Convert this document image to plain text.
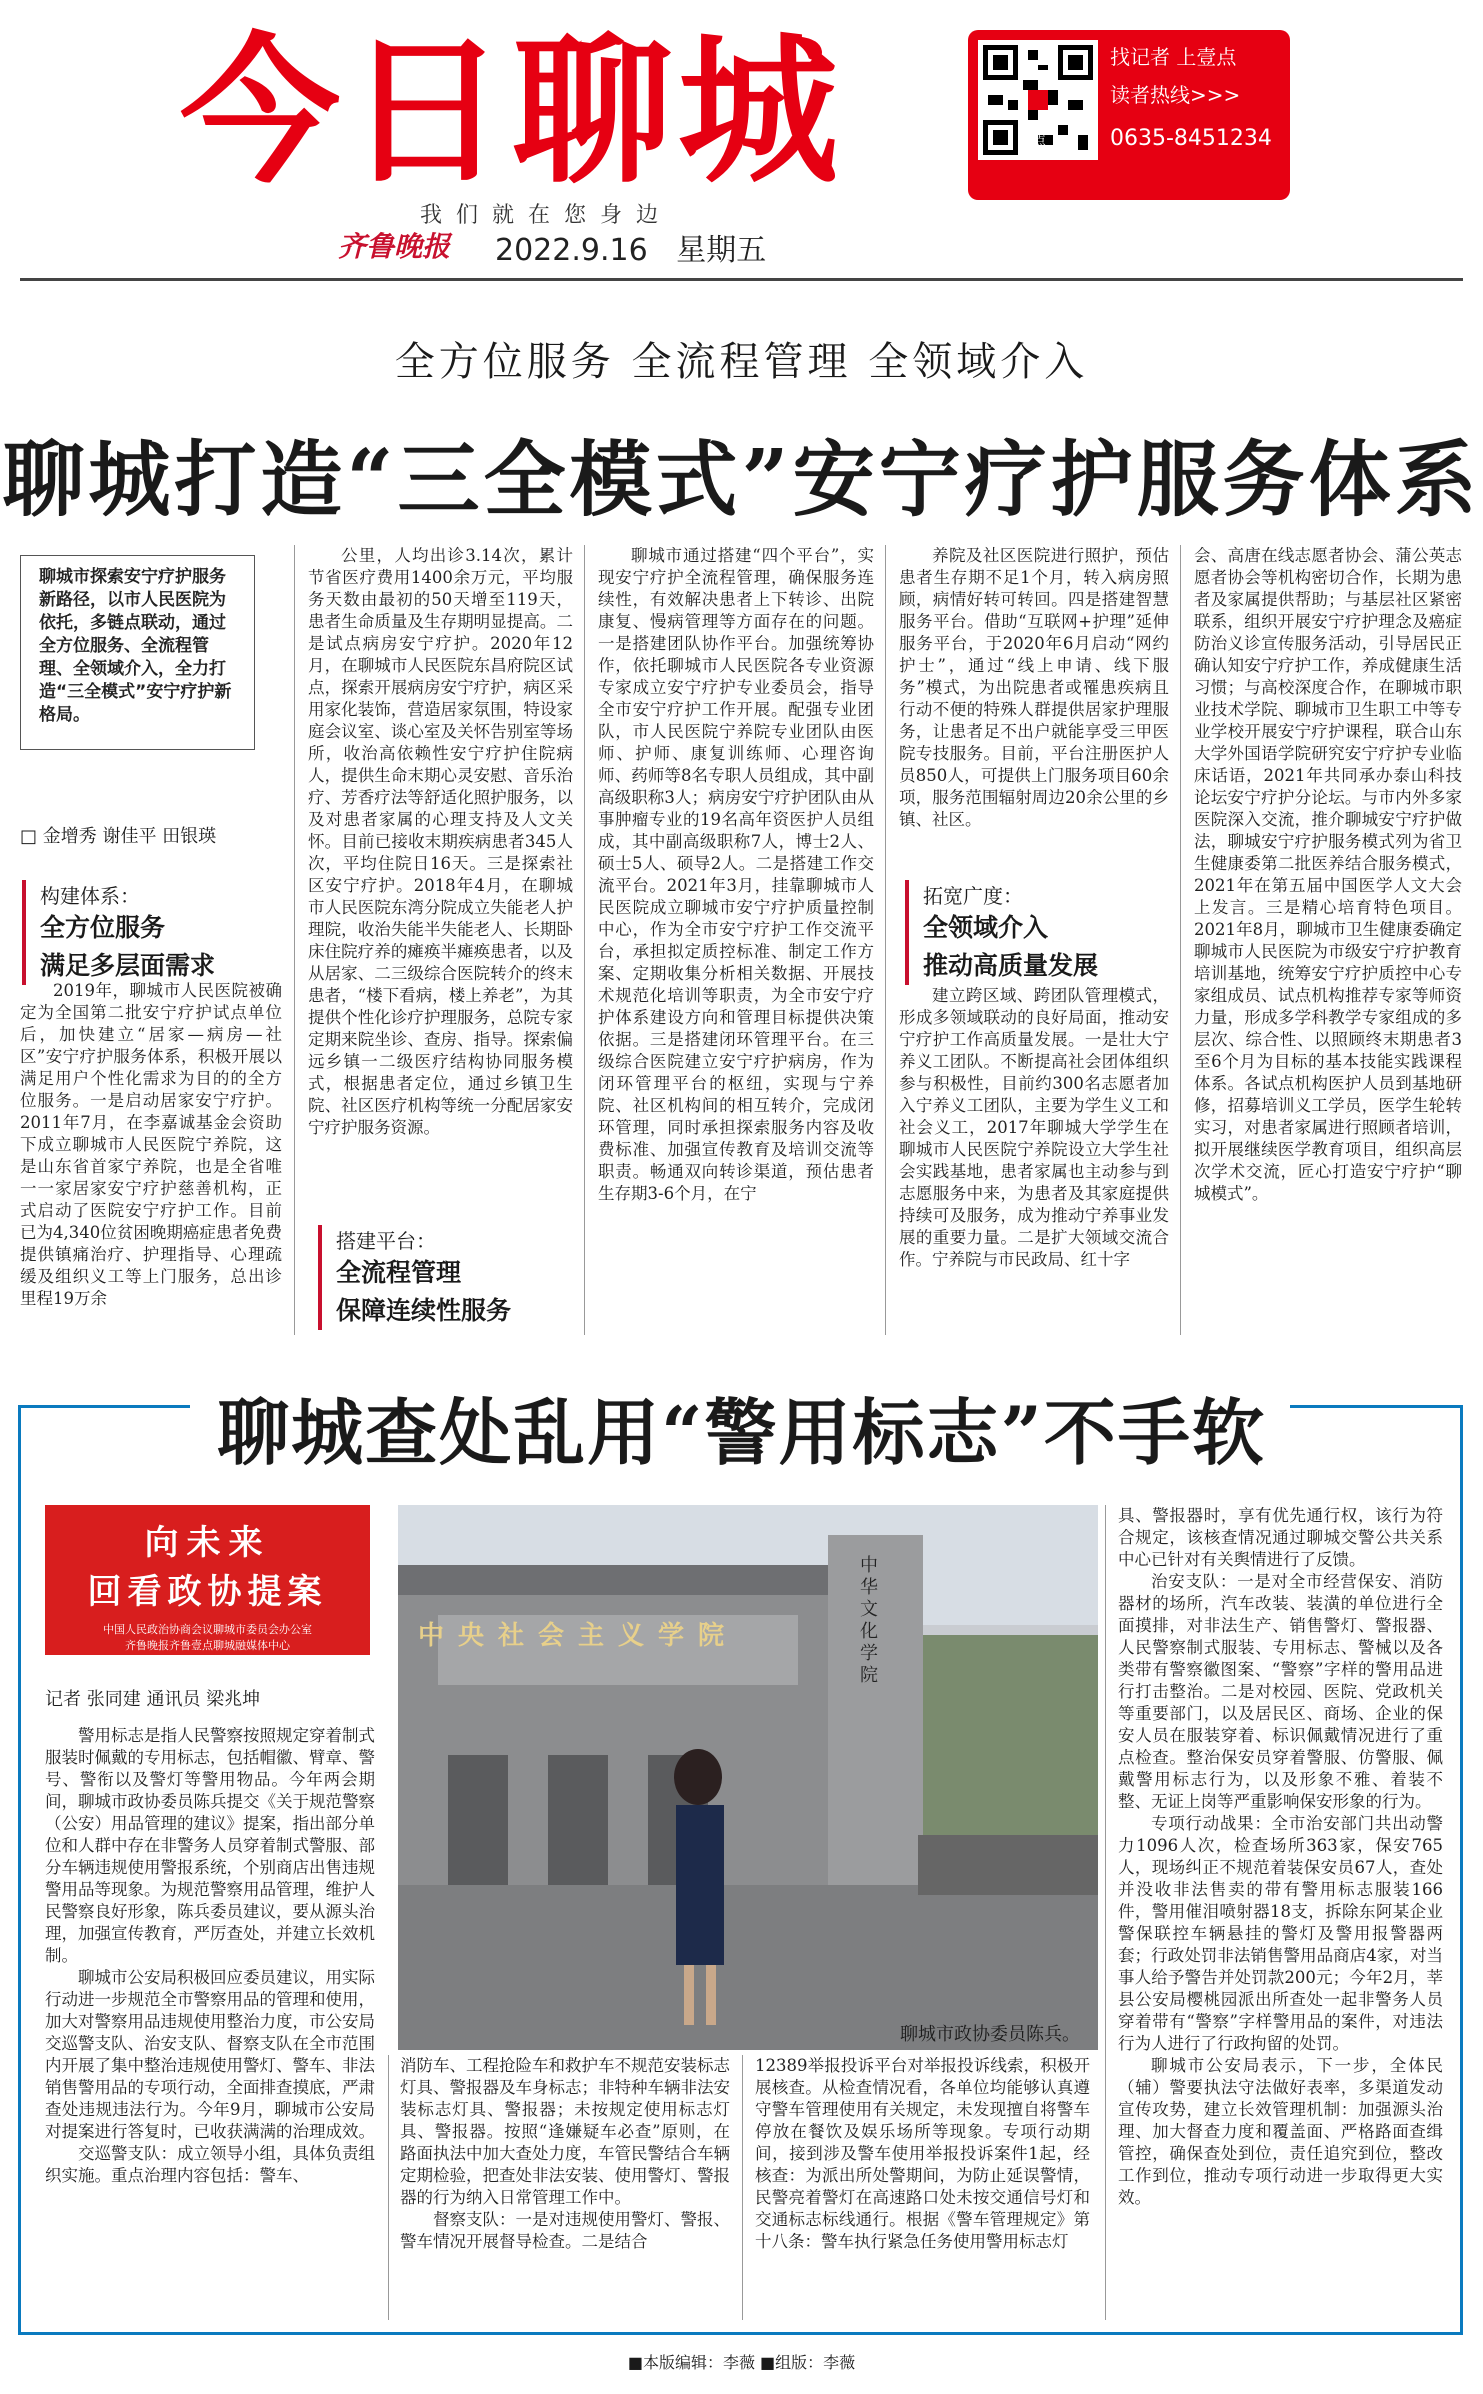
今日聊城
我们就在您身边
齐鲁晚报 2022.9.16 星期五
壹点
找记者 上壹点
读者热线>>>
0635-8451234
全方位服务 全流程管理 全领域介入
聊城打造“三全模式”安宁疗护服务体系
聊城市探索安宁疗护服务新路径，以市人民医院为依托，多链点联动，通过全方位服务、全流程管理、全领域介入，全力打造“三全模式”安宁疗护新格局。
□ 金增秀 谢佳平 田银瑛
构建体系：
全方位服务
满足多层面需求

2019年，聊城市人民医院被确定为全国第二批安宁疗护试点单位后，加快建立“居家—病房—社区”安宁疗护服务体系，积极开展以满足用户个性化需求为目的的全方位服务。一是启动居家安宁疗护。2011年7月，在李嘉诚基金会资助下成立聊城市人民医院宁养院，这是山东省首家宁养院，也是全省唯一一家居家安宁疗护慈善机构，正式启动了医院安宁疗护工作。目前已为4,340位贫困晚期癌症患者免费提供镇痛治疗、护理指导、心理疏缓及组织义工等上门服务，总出诊里程19万余

公里，人均出诊3.14次，累计节省医疗费用1400余万元，平均服务天数由最初的50天增至119天，患者生命质量及生存期明显提高。二是试点病房安宁疗护。2020年12月，在聊城市人民医院东昌府院区试点，探索开展病房安宁疗护，病区采用家化装饰，营造居家氛围，特设家庭会议室、谈心室及关怀告别室等场所，收治高依赖性安宁疗护住院病人，提供生命末期心灵安慰、音乐治疗、芳香疗法等舒适化照护服务，以及对患者家属的心理支持及人文关怀。目前已接收末期疾病患者345人次，平均住院日16天。三是探索社区安宁疗护。2018年4月，在聊城市人民医院东湾分院成立失能老人护理院，收治失能半失能老人、长期卧床住院疗养的瘫痪半瘫痪患者，以及从居家、二三级综合医院转介的终末患者，“楼下看病，楼上养老”，为其提供个性化诊疗护理服务，总院专家定期来院坐诊、查房、指导。探索偏远乡镇一二级医疗结构协同服务模式，根据患者定位，通过乡镇卫生院、社区医疗机构等统一分配居家安宁疗护服务资源。

搭建平台：
全流程管理
保障连续性服务

聊城市通过搭建“四个平台”，实现安宁疗护全流程管理，确保服务连续性，有效解决患者上下转诊、出院康复、慢病管理等方面存在的问题。一是搭建团队协作平台。加强统筹协作，依托聊城市人民医院各专业资源专家成立安宁疗护专业委员会，指导全市安宁疗护工作开展。配强专业团队，市人民医院宁养院专业团队由医师、护师、康复训练师、心理咨询师、药师等8名专职人员组成，其中副高级职称3人；病房安宁疗护团队由从事肿瘤专业的19名高年资医护人员组成，其中副高级职称7人，博士2人、硕士5人、硕导2人。二是搭建工作交流平台。2021年3月，挂靠聊城市人民医院成立聊城市安宁疗护质量控制中心，作为全市安宁疗护工作交流平台，承担拟定质控标准、制定工作方案、定期收集分析相关数据、开展技术规范化培训等职责，为全市安宁疗护体系建设方向和管理目标提供决策依据。三是搭建闭环管理平台。在三级综合医院建立安宁疗护病房，作为闭环管理平台的枢纽，实现与宁养院、社区机构间的相互转介，完成闭环管理，同时承担探索服务内容及收费标准、加强宣传教育及培训交流等职责。畅通双向转诊渠道，预估患者生存期3-6个月，在宁

养院及社区医院进行照护，预估患者生存期不足1个月，转入病房照顾，病情好转可转回。四是搭建智慧服务平台。借助“互联网+护理”延伸服务平台，于2020年6月启动“网约护士”，通过“线上申请、线下服务”模式，为出院患者或罹患疾病且行动不便的特殊人群提供居家护理服务，让患者足不出户就能享受三甲医院专技服务。目前，平台注册医护人员850人，可提供上门服务项目60余项，服务范围辐射周边20余公里的乡镇、社区。

拓宽广度：
全领域介入
推动高质量发展

建立跨区域、跨团队管理模式，形成多领域联动的良好局面，推动安宁疗护工作高质量发展。一是壮大宁养义工团队。不断提高社会团体组织参与积极性，目前约300名志愿者加入宁养义工团队，主要为学生义工和社会义工，2017年聊城大学学生在聊城市人民医院宁养院设立大学生社会实践基地，患者家属也主动参与到志愿服务中来，为患者及其家庭提供持续可及服务，成为推动宁养事业发展的重要力量。二是扩大领域交流合作。宁养院与市民政局、红十字

会、高唐在线志愿者协会、蒲公英志愿者协会等机构密切合作，长期为患者及家属提供帮助；与基层社区紧密联系，组织开展安宁疗护理念及癌症防治义诊宣传服务活动，引导居民正确认知安宁疗护工作，养成健康生活习惯；与高校深度合作，在聊城市职业技术学院、聊城市卫生职工中等专业学校开展安宁疗护课程，联合山东大学外国语学院研究安宁疗护专业临床话语，2021年共同承办泰山科技论坛安宁疗护分论坛。与市内外多家医院深入交流，推介聊城安宁疗护做法，聊城安宁疗护服务模式列为省卫生健康委第二批医养结合服务模式，2021年在第五届中国医学人文大会上发言。三是精心培育特色项目。2021年8月，聊城市卫生健康委确定聊城市人民医院为市级安宁疗护教育培训基地，统筹安宁疗护质控中心专家组成员、试点机构推荐专家等师资力量，形成多学科教学专家组成的多层次、综合性、以照顾终末期患者3至6个月为目标的基本技能实践课程体系。各试点机构医护人员到基地研修，招募培训义工学员，医学生轮转实习，对患者家属进行照顾者培训，拟开展继续医学教育项目，组织高层次学术交流，匠心打造安宁疗护“聊城模式”。

聊城查处乱用“警用标志”不手软
向未来
回看政协提案
中国人民政治协商会议聊城市委员会办公室
齐鲁晚报齐鲁壹点聊城融媒体中心
联合主办
中央社会主义学院
中华文化学院
聊城市政协委员陈兵。
记者 张同建 通讯员 梁兆坤

警用标志是指人民警察按照规定穿着制式服装时佩戴的专用标志，包括帽徽、臂章、警号、警衔以及警灯等警用物品。今年两会期间，聊城市政协委员陈兵提交《关于规范警察（公安）用品管理的建议》提案，指出部分单位和人群中存在非警务人员穿着制式警服、部分车辆违规使用警报系统，个别商店出售违规警用品等现象。为规范警察用品管理，维护人民警察良好形象，陈兵委员建议，要从源头治理，加强宣传教育，严厉查处，并建立长效机制。

聊城市公安局积极回应委员建议，用实际行动进一步规范全市警察用品的管理和使用，加大对警察用品违规使用整治力度，市公安局交巡警支队、治安支队、督察支队在全市范围内开展了集中整治违规使用警灯、警车、非法销售警用品的专项行动，全面排查摸底，严肃查处违规违法行为。今年9月，聊城市公安局对提案进行答复时，已收获满满的治理成效。

交巡警支队：成立领导小组，具体负责组织实施。重点治理内容包括：警车、

消防车、工程抢险车和救护车不规范安装标志灯具、警报器及车身标志；非特种车辆非法安装标志灯具、警报器；未按规定使用标志灯具、警报器。按照“逢嫌疑车必查”原则，在路面执法中加大查处力度，车管民警结合车辆定期检验，把查处非法安装、使用警灯、警报器的行为纳入日常管理工作中。

督察支队：一是对违规使用警灯、警报、警车情况开展督导检查。二是结合

12389举报投诉平台对举报投诉线索，积极开展核查。从检查情况看，各单位均能够认真遵守警车管理使用有关规定，未发现擅自将警车停放在餐饮及娱乐场所等现象。专项行动期间，接到涉及警车使用举报投诉案件1起，经核查：为派出所处警期间，为防止延误警情，民警亮着警灯在高速路口处未按交通信号灯和交通标志标线通行。根据《警车管理规定》第十八条：警车执行紧急任务使用警用标志灯

具、警报器时，享有优先通行权，该行为符合规定，该核查情况通过聊城交警公共关系中心已针对有关舆情进行了反馈。

治安支队：一是对全市经营保安、消防器材的场所，汽车改装、装潢的单位进行全面摸排，对非法生产、销售警灯、警报器、人民警察制式服装、专用标志、警械以及各类带有警察徽图案、“警察”字样的警用品进行打击整治。二是对校园、医院、党政机关等重要部门，以及居民区、商场、企业的保安人员在服装穿着、标识佩戴情况进行了重点检查。整治保安员穿着警服、仿警服、佩戴警用标志行为，以及形象不雅、着装不整、无证上岗等严重影响保安形象的行为。

专项行动战果：全市治安部门共出动警力1096人次，检查场所363家，保安765人，现场纠正不规范着装保安员67人，查处并没收非法售卖的带有警用标志服装166件，警用催泪喷射器18支，拆除东阿某企业警保联控车辆悬挂的警灯及警用报警器两套；行政处罚非法销售警用品商店4家，对当事人给予警告并处罚款200元；今年2月，莘县公安局樱桃园派出所查处一起非警务人员穿着带有“警察”字样警用品的案件，对违法行为人进行了行政拘留的处罚。

聊城市公安局表示，下一步，全体民（辅）警要执法守法做好表率，多渠道发动宣传攻势，建立长效管理机制：加强源头治理、加大督查力度和覆盖面、严格路面查缉管控，确保查处到位，责任追究到位，整改工作到位，推动专项行动进一步取得更大实效。

■本版编辑：李薇 ■组版：李薇
